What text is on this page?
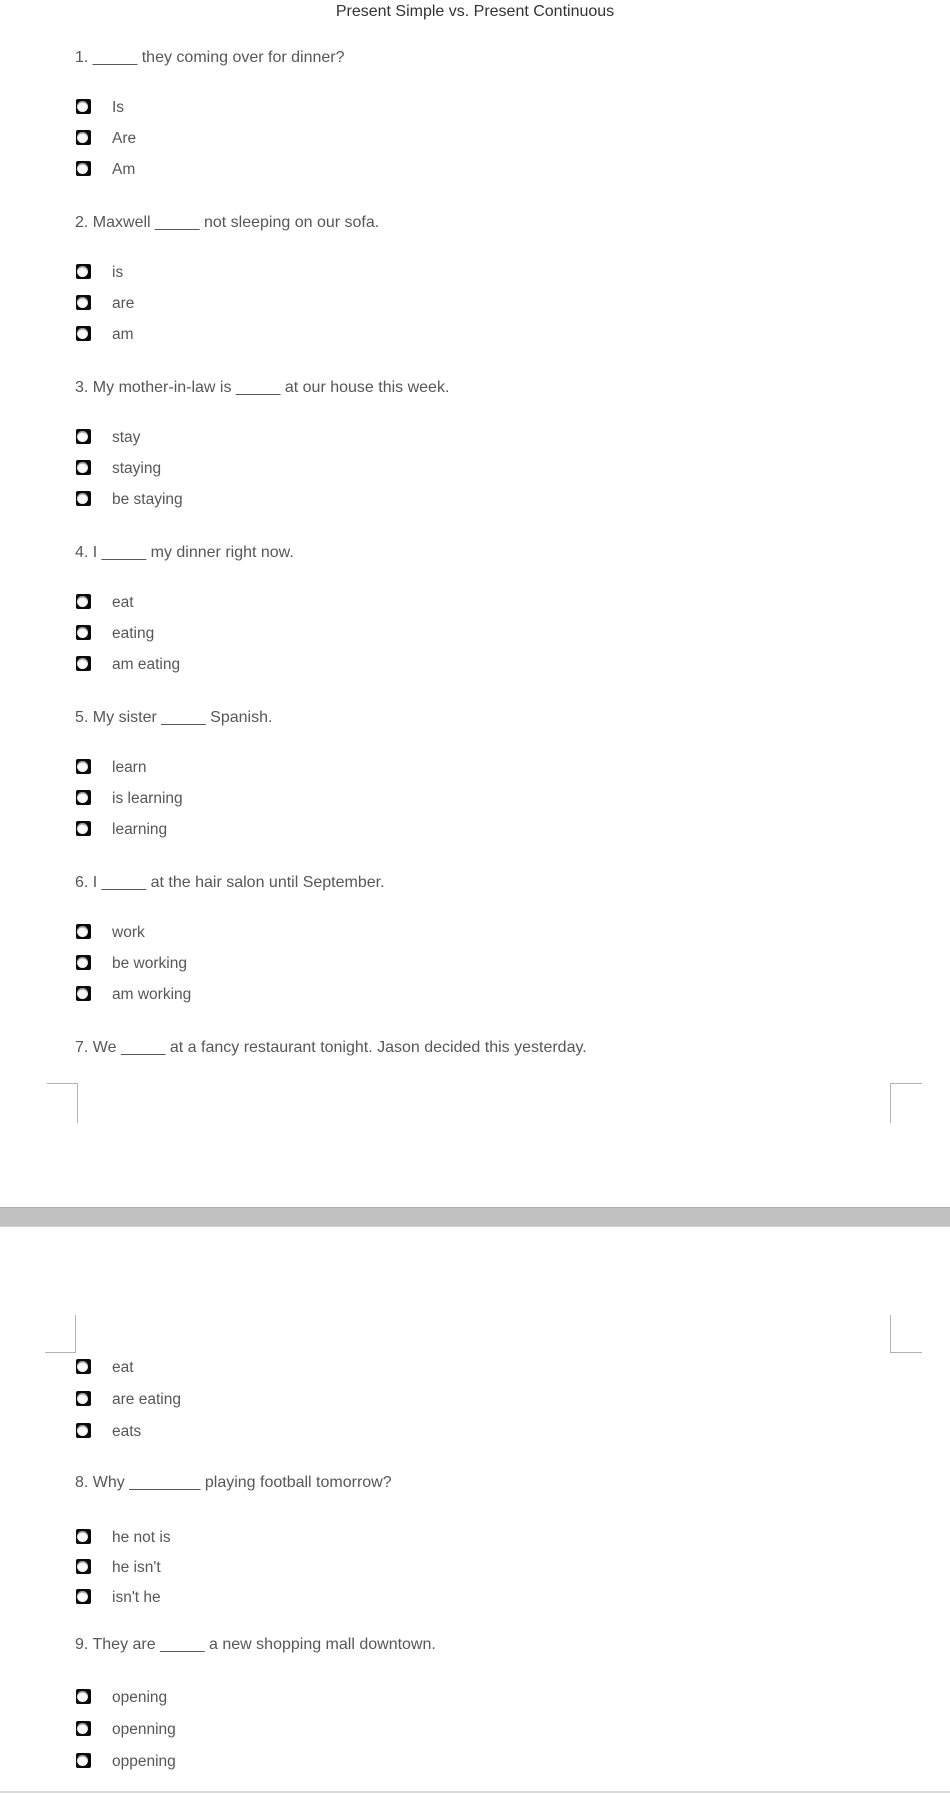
Present Simple vs. Present Continuous
1. _____ they coming over for dinner?
Is
Are
Am
2. Maxwell _____ not sleeping on our sofa.
is
are
am
3. My mother-in-law is _____ at our house this week.
stay
staying
be staying
4. I _____ my dinner right now.
eat
eating
am eating
5. My sister _____ Spanish.
learn
is learning
learning
6. I _____ at the hair salon until September.
work
be working
am working
7. We _____ at a fancy restaurant tonight. Jason decided this yesterday.
eat
are eating
eats
8. Why ________ playing football tomorrow?
he not is
he isn't
isn't he
9. They are _____ a new shopping mall downtown.
opening
openning
oppening
